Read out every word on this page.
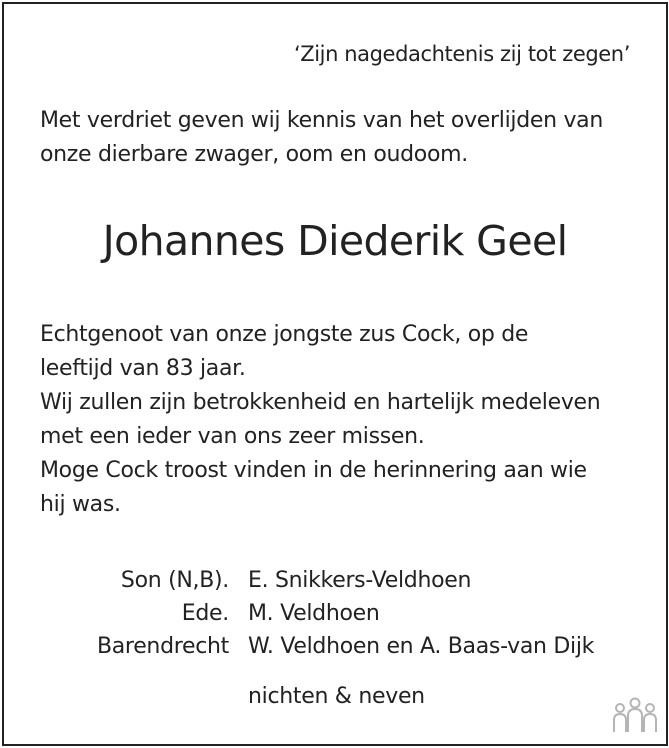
‘Zijn nagedachtenis zij tot zegen’
Met verdriet geven wij kennis van het overlijden van
onze dierbare zwager, oom en oudoom.
Johannes Diederik Geel
Echtgenoot van onze jongste zus Cock, op de
leeftijd van 83 jaar.
Wij zullen zijn betrokkenheid en hartelijk medeleven
met een ieder van ons zeer missen.
Moge Cock troost vinden in de herinnering aan wie
hij was.
Son (N,B). E. Snikkers-Veldhoen
Ede. M. Veldhoen
Barendrecht W. Veldhoen en A. Baas-van Dijk
nichten & neven
